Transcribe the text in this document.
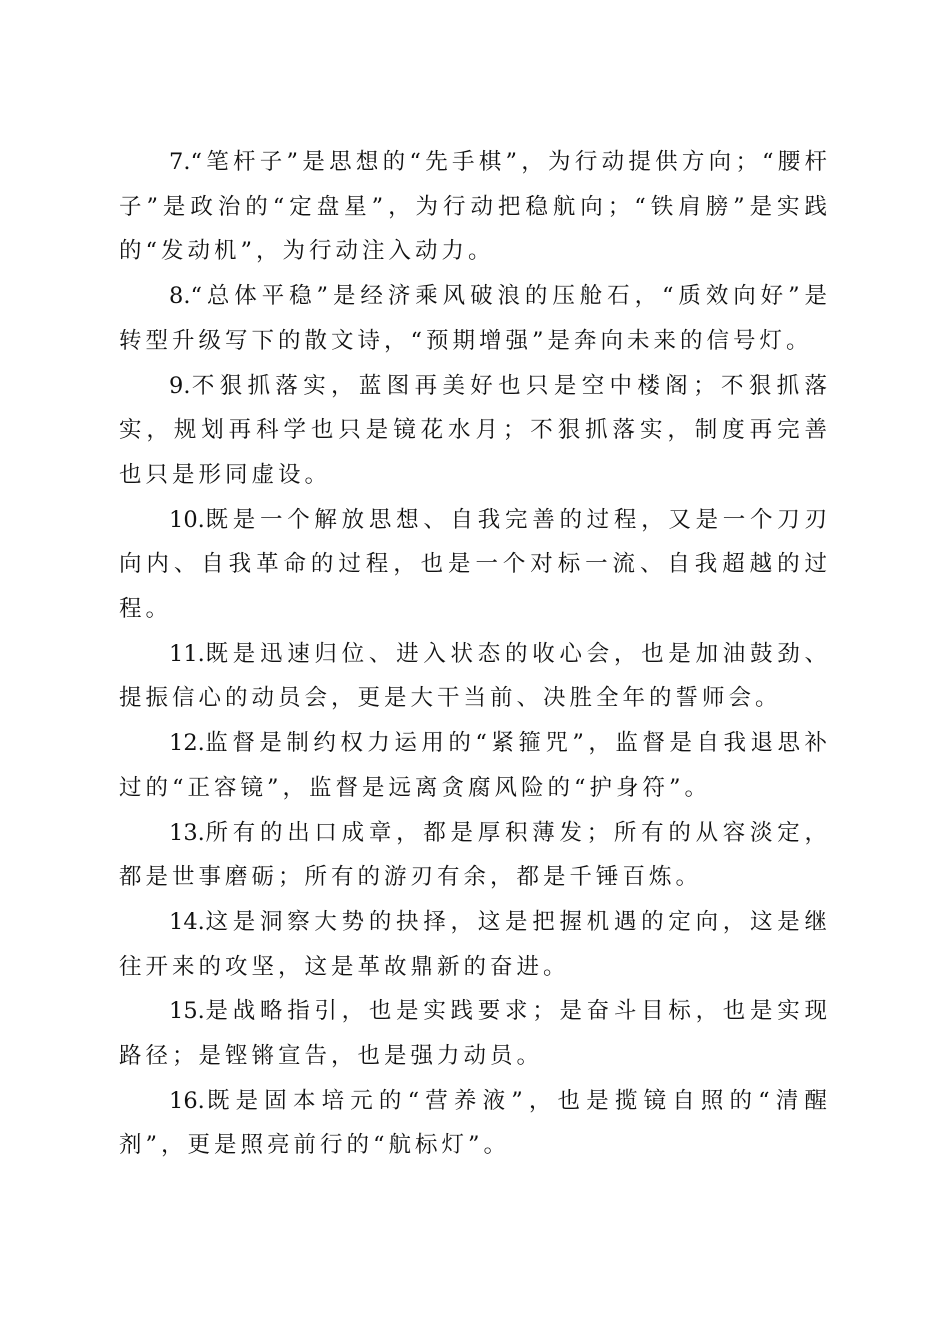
7.“笔杆子”是思想的“先手棋”，为行动提供方向；“腰杆子”是政治的“定盘星”，为行动把稳航向；“铁肩膀”是实践的“发动机”，为行动注入动力。

8.“总体平稳”是经济乘风破浪的压舱石，“质效向好”是转型升级写下的散文诗，“预期增强”是奔向未来的信号灯。

9.不狠抓落实，蓝图再美好也只是空中楼阁；不狠抓落实，规划再科学也只是镜花水月；不狠抓落实，制度再完善也只是形同虚设。

10.既是一个解放思想、自我完善的过程，又是一个刀刃向内、自我革命的过程，也是一个对标一流、自我超越的过程。

11.既是迅速归位、进入状态的收心会，也是加油鼓劲、提振信心的动员会，更是大干当前、决胜全年的誓师会。

12.监督是制约权力运用的“紧箍咒”，监督是自我退思补过的“正容镜”，监督是远离贪腐风险的“护身符”。

13.所有的出口成章，都是厚积薄发；所有的从容淡定，都是世事磨砺；所有的游刃有余，都是千锤百炼。

14.这是洞察大势的抉择，这是把握机遇的定向，这是继往开来的攻坚，这是革故鼎新的奋进。

15.是战略指引，也是实践要求；是奋斗目标，也是实现路径；是铿锵宣告，也是强力动员。

16.既是固本培元的“营养液”，也是揽镜自照的“清醒剂”，更是照亮前行的“航标灯”。
